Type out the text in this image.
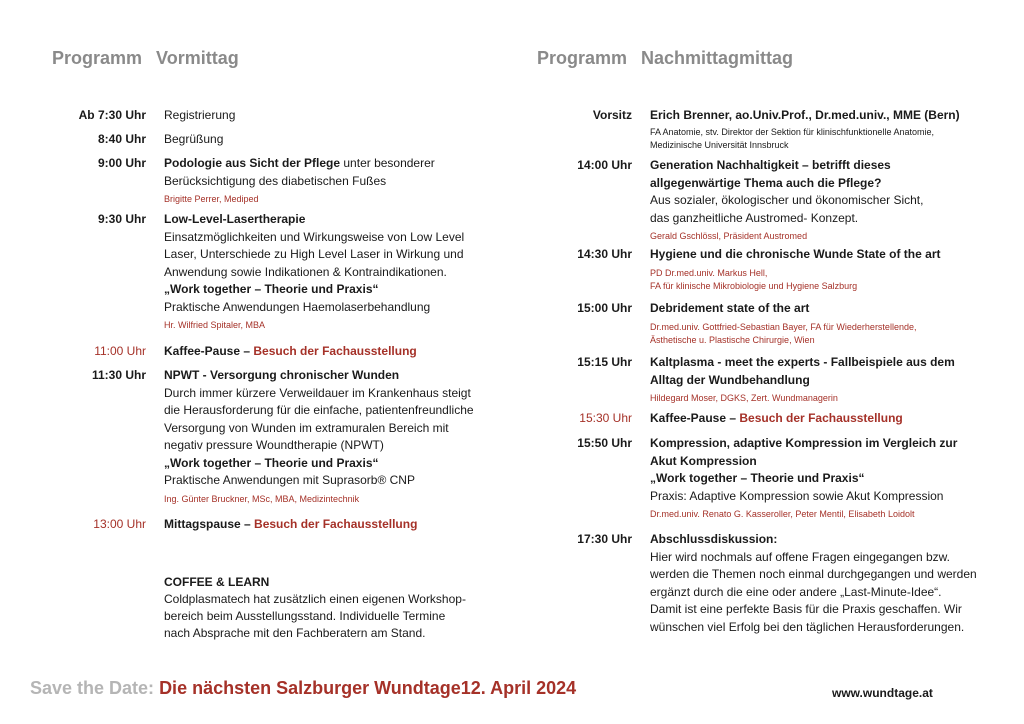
Programm Vormittag
Ab 7:30 Uhr Registrierung
8:40 Uhr Begrüßung
9:00 Uhr Podologie aus Sicht der Pflege unter besonderer
Berücksichtigung des diabetischen Fußes
Brigitte Perrer, Mediped
9:30 Uhr Low-Level-Lasertherapie
Einsatzmöglichkeiten und Wirkungsweise von Low Level
Laser, Unterschiede zu High Level Laser in Wirkung und
Anwendung sowie Indikationen & Kontraindikationen.
„Work together – Theorie und Praxis“
Praktische Anwendungen Haemolaserbehandlung
Hr. Wilfried Spitaler, MBA
11:00 Uhr Kaffee-Pause – Besuch der Fachausstellung
11:30 Uhr NPWT - Versorgung chronischer Wunden
Durch immer kürzere Verweildauer im Krankenhaus steigt
die Herausforderung für die einfache, patientenfreundliche
Versorgung von Wunden im extramuralen Bereich mit
negativ pressure Woundtherapie (NPWT)
„Work together – Theorie und Praxis“
Praktische Anwendungen mit Suprasorb® CNP
Ing. Günter Bruckner, MSc, MBA, Medizintechnik
13:00 Uhr Mittagspause – Besuch der Fachausstellung
COFFEE & LEARN
Coldplasmatech hat zusätzlich einen eigenen Workshop-
bereich beim Ausstellungsstand. Individuelle Termine
nach Absprache mit den Fachberatern am Stand.
Programm Nachmittagmittag
Vorsitz Erich Brenner, ao.Univ.Prof., Dr.med.univ., MME (Bern)
FA Anatomie, stv. Direktor der Sektion für klinischfunktionelle Anatomie,
Medizinische Universität Innsbruck
14:00 Uhr Generation Nachhaltigkeit – betrifft dieses
allgegenwärtige Thema auch die Pflege?
Aus sozialer, ökologischer und ökonomischer Sicht,
das ganzheitliche Austromed- Konzept.
Gerald Gschlössl, Präsident Austromed
14:30 Uhr Hygiene und die chronische Wunde State of the art
PD Dr.med.univ. Markus Hell,
FA für klinische Mikrobiologie und Hygiene Salzburg
15:00 Uhr Debridement state of the art
Dr.med.univ. Gottfried-Sebastian Bayer, FA für Wiederherstellende,
Ästhetische u. Plastische Chirurgie, Wien
15:15 Uhr Kaltplasma - meet the experts - Fallbeispiele aus dem
Alltag der Wundbehandlung
Hildegard Moser, DGKS, Zert. Wundmanagerin
15:30 Uhr Kaffee-Pause – Besuch der Fachausstellung
15:50 Uhr Kompression, adaptive Kompression im Vergleich zur
Akut Kompression
„Work together – Theorie und Praxis“
Praxis: Adaptive Kompression sowie Akut Kompression
Dr.med.univ. Renato G. Kasseroller, Peter Mentil, Elisabeth Loidolt
17:30 Uhr Abschlussdiskussion:
Hier wird nochmals auf offene Fragen eingegangen bzw.
werden die Themen noch einmal durchgegangen und werden
ergänzt durch die eine oder andere „Last-Minute-Idee“.
Damit ist eine perfekte Basis für die Praxis geschaffen. Wir
wünschen viel Erfolg bei den täglichen Herausforderungen.
Save the Date: Die nächsten Salzburger Wundtage12. April 2024	www.wundtage.at
